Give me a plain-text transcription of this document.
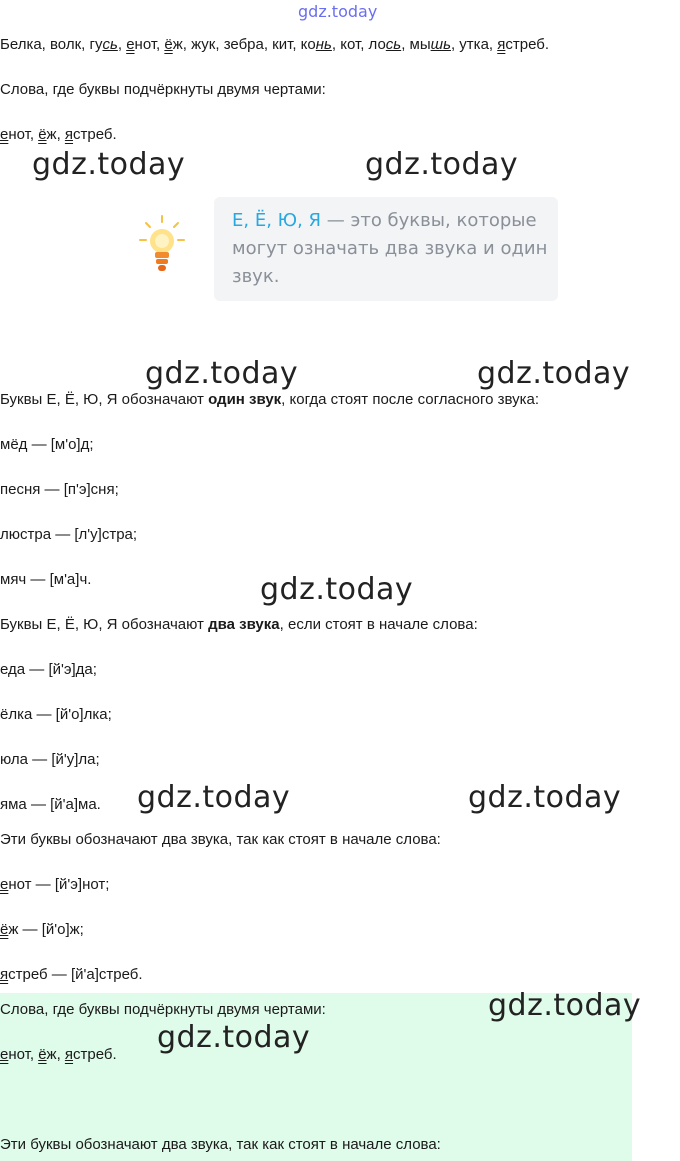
gdz.today
Белка, волк, гусь, енот, ёж, жук, зебра, кит, конь, кот, лось, мышь, утка, ястреб.
Слова, где буквы подчёркнуты двумя чертами:
енот, ёж, ястреб.
gdz.today	gdz.today
Е, Ё, Ю, Я — это буквы, которые могут означать два звука и один звук.
gdz.today	gdz.today
Буквы Е, Ё, Ю, Я обозначают один звук, когда стоят после согласного звука:
мёд — [м'о]д;
песня — [п'э]сня;
люстра — [л'у]стра;
мяч — [м'а]ч.	gdz.today
Буквы Е, Ё, Ю, Я обозначают два звука, если стоят в начале слова:
еда — [й'э]да;
ёлка — [й'о]лка;
юла — [й'у]ла;
яма — [й'а]ма. gdz.today	gdz.today
Эти буквы обозначают два звука, так как стоят в начале слова:
енот — [й'э]нот;
ёж — [й'о]ж;
ястреб — [й'а]стреб.
Слова, где буквы подчёркнуты двумя чертами:
енот, ёж, ястреб.
Эти буквы обозначают два звука, так как стоят в начале слова:
gdz.today
gdz.today
